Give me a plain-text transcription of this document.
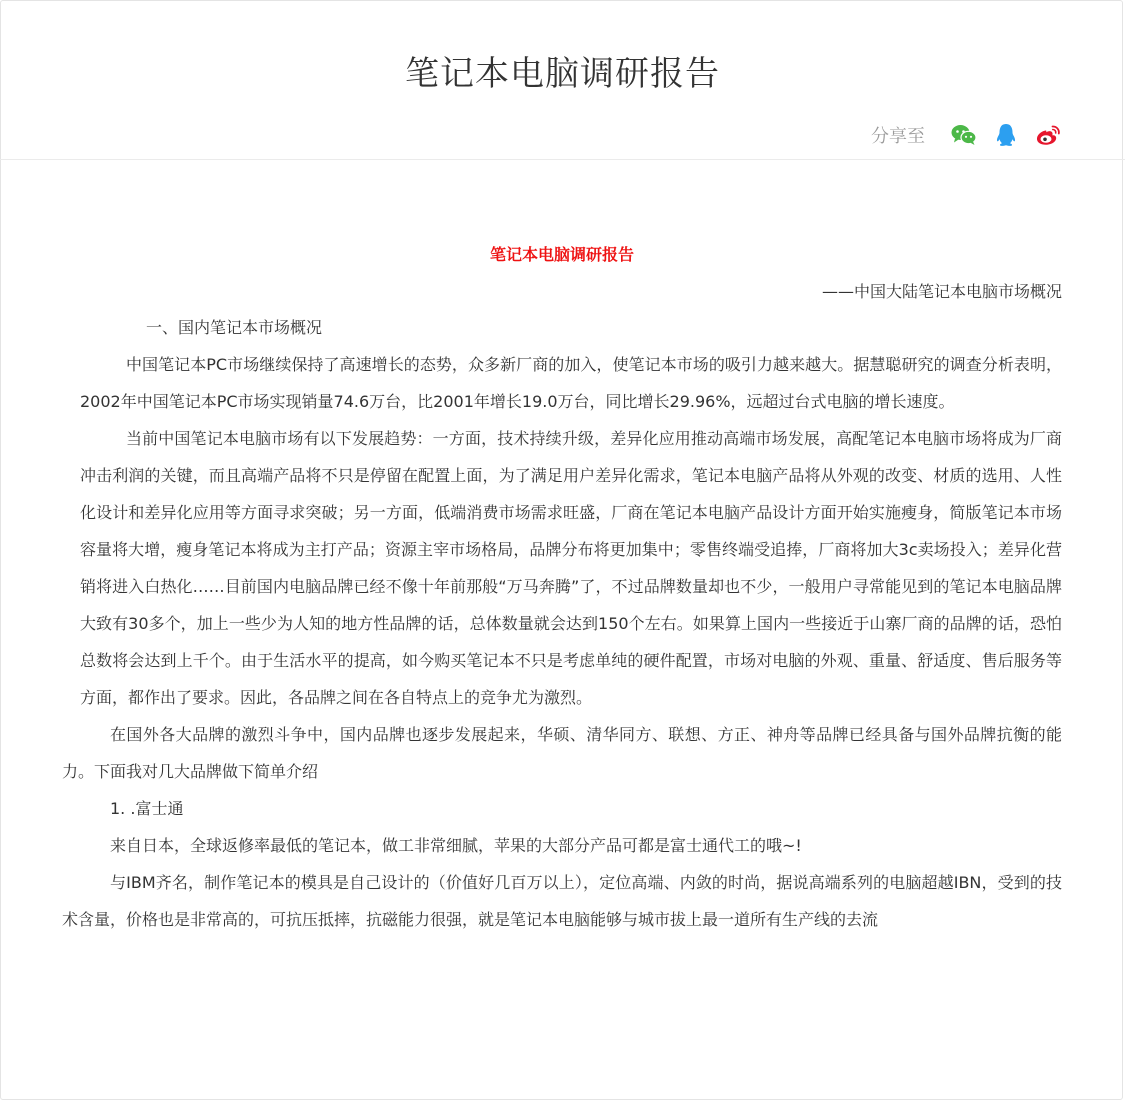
笔记本电脑调研报告
分享至
笔记本电脑调研报告
——中国大陆笔记本电脑市场概况
一、国内笔记本市场概况

中国笔记本PC市场继续保持了高速增长的态势，众多新厂商的加入，使笔记本市场的吸引力越来越大。据慧聪研究的调查分析表明，2002年中国笔记本PC市场实现销量74.6万台，比2001年增长19.0万台，同比增长29.96%，远超过台式电脑的增长速度。

当前中国笔记本电脑市场有以下发展趋势：一方面，技术持续升级，差异化应用推动高端市场发展，高配笔记本电脑市场将成为厂商冲击利润的关键，而且高端产品将不只是停留在配置上面，为了满足用户差异化需求，笔记本电脑产品将从外观的改变、材质的选用、人性化设计和差异化应用等方面寻求突破；另一方面，低端消费市场需求旺盛，厂商在笔记本电脑产品设计方面开始实施瘦身，简版笔记本市场容量将大增，瘦身笔记本将成为主打产品；资源主宰市场格局，品牌分布将更加集中；零售终端受追捧，厂商将加大3c卖场投入；差异化营销将进入白热化……目前国内电脑品牌已经不像十年前那般“万马奔腾”了，不过品牌数量却也不少，一般用户寻常能见到的笔记本电脑品牌大致有30多个，加上一些少为人知的地方性品牌的话，总体数量就会达到150个左右。如果算上国内一些接近于山寨厂商的品牌的话，恐怕总数将会达到上千个。由于生活水平的提高，如今购买笔记本不只是考虑单纯的硬件配置，市场对电脑的外观、重量、舒适度、售后服务等方面，都作出了要求。因此，各品牌之间在各自特点上的竞争尤为激烈。

在国外各大品牌的激烈斗争中，国内品牌也逐步发展起来，华硕、清华同方、联想、方正、神舟等品牌已经具备与国外品牌抗衡的能力。下面我对几大品牌做下简单介绍

1. .富士通

来自日本，全球返修率最低的笔记本，做工非常细腻，苹果的大部分产品可都是富士通代工的哦~!

与IBM齐名，制作笔记本的模具是自己设计的（价值好几百万以上），定位高端、内敛的时尚，据说高端系列的电脑超越IBN，受到的技术含量，价格也是非常高的，可抗压抵摔，抗磁能力很强，就是笔记本电脑能够与城市拔上最一道所有生产线的去流
